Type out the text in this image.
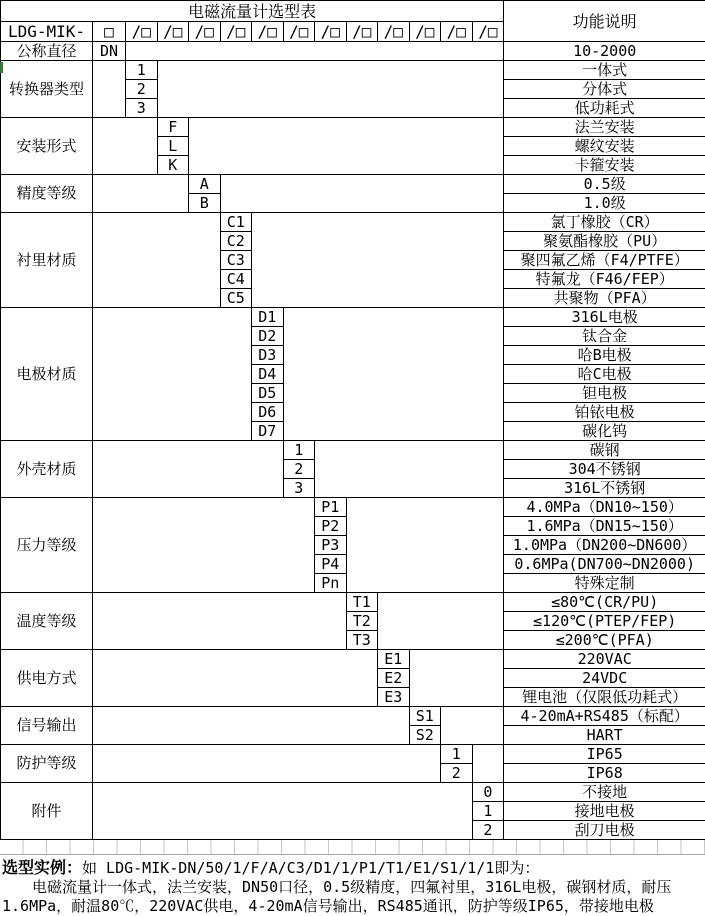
电磁流量计选型表														功能说明
LDG-MIK-	□	/□	/□	/□	/□	/□	/□	/□	/□	/□	/□	/□	/□	
公称直径	DN													10-2000
转换器类型		1												一体式
		2												分体式
		3												低功耗式
安装形式			F											法兰安装
			L											螺纹安装
			K											卡箍安装
精度等级				A										0.5级
				B										1.0级
衬里材质					C1									氯丁橡胶（CR）
					C2									聚氨酯橡胶（PU）
					C3									聚四氟乙烯（F4/PTFE）
					C4									特氟龙（F46/FEP）
					C5									共聚物（PFA）
电极材质						D1								316L电极
						D2								钛合金
						D3								哈B电极
						D4								哈C电极
						D5								钽电极
						D6								铂铱电极
						D7								碳化钨
外壳材质							1							碳钢
							2							304不锈钢
							3							316L不锈钢
压力等级								P1						4.0MPa（DN10~150）
								P2						1.6MPa（DN15~150）
								P3						1.0MPa（DN200~DN600）
								P4						0.6MPa(DN700~DN2000)
								Pn						特殊定制
温度等级									T1					≤80℃(CR/PU)
									T2					≤120℃(PTEP/FEP)
									T3					≤200℃(PFA)
供电方式										E1				220VAC
										E2				24VDC
										E3				锂电池（仅限低功耗式）
信号输出											S1			4-20mA+RS485（标配）
											S2			HART
防护等级												1		IP65
												2		IP68
附件													0	不接地
													1	接地电极
													2	刮刀电极
选型实例：如 LDG-MIK-DN/50/1/F/A/C3/D1/1/P1/T1/E1/S1/1/1即为：
电磁流量计一体式，法兰安装，DN50口径，0.5级精度，四氟衬里，316L电极，碳钢材质，耐压1.6MPa，耐温80℃，220VAC供电，4-20mA信号输出，RS485通讯，防护等级IP65，带接地电极
